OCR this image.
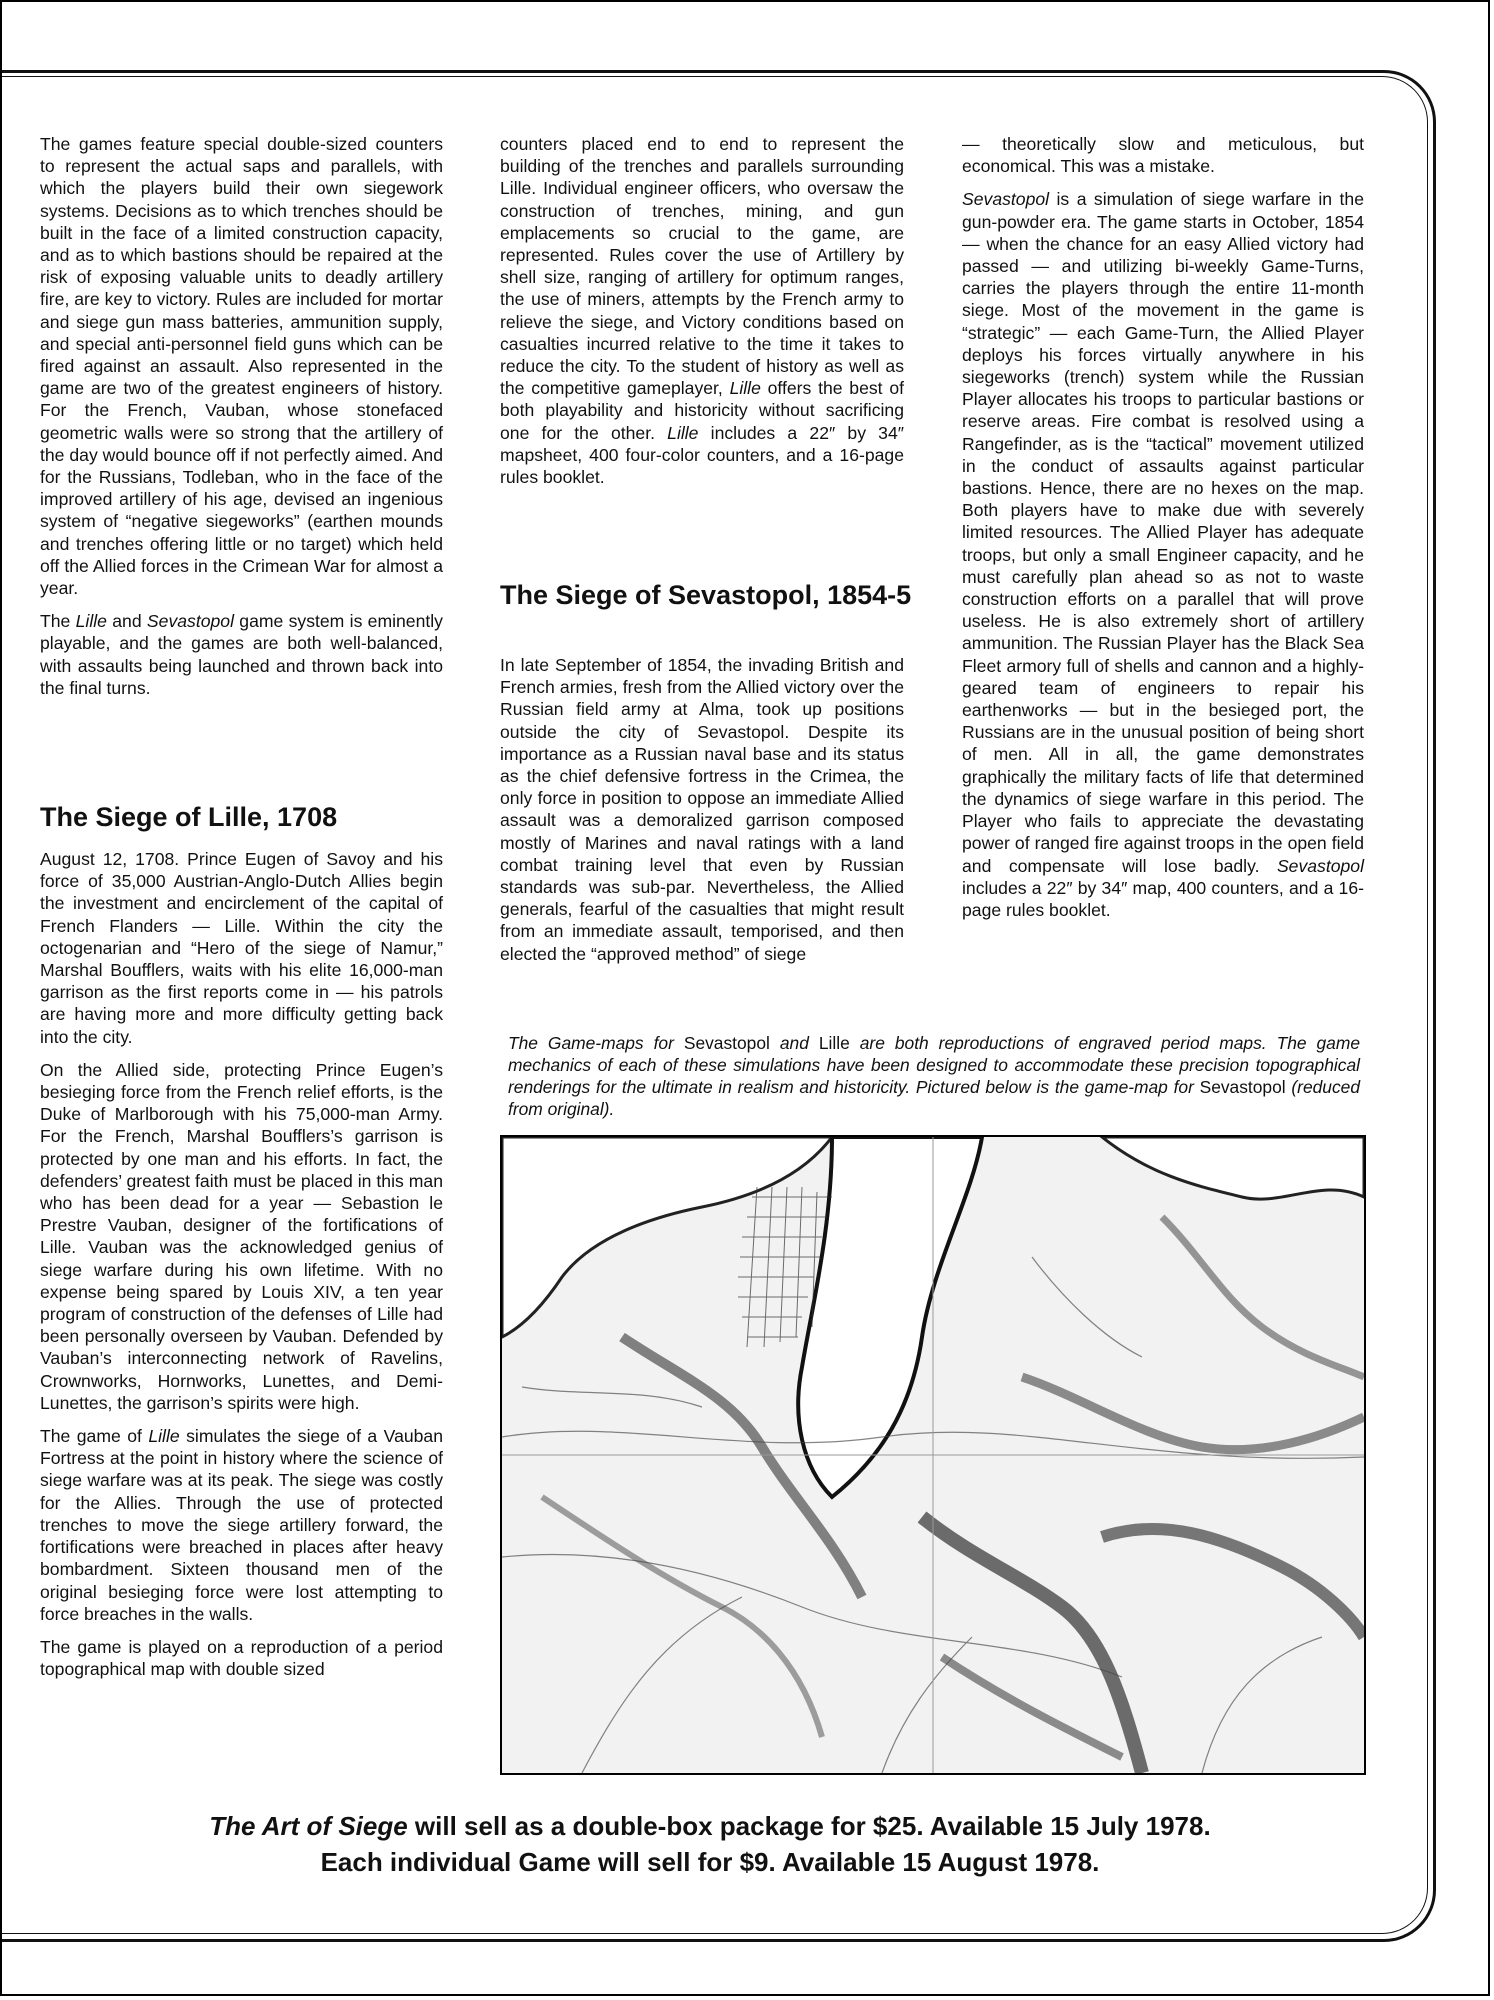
The games feature special double-sized counters to represent the actual saps and parallels, with which the players build their own siegework systems. Decisions as to which trenches should be built in the face of a limited construction capacity, and as to which bastions should be repaired at the risk of exposing valuable units to deadly artillery fire, are key to victory. Rules are included for mortar and siege gun mass batteries, ammunition supply, and special anti-personnel field guns which can be fired against an assault. Also represented in the game are two of the greatest engineers of history. For the French, Vauban, whose stonefaced geometric walls were so strong that the artillery of the day would bounce off if not perfectly aimed. And for the Russians, Todleban, who in the face of the improved artillery of his age, devised an ingenious system of “negative siegeworks” (earthen mounds and trenches offering little or no target) which held off the Allied forces in the Crimean War for almost a year.

The Lille and Sevastopol game system is eminently playable, and the games are both well-balanced, with assaults being launched and thrown back into the final turns.

The Siege of Lille, 1708

August 12, 1708. Prince Eugen of Savoy and his force of 35,000 Austrian-Anglo-Dutch Allies begin the investment and encirclement of the capital of French Flanders — Lille. Within the city the octogenarian and “Hero of the siege of Namur,” Marshal Boufflers, waits with his elite 16,000-man garrison as the first reports come in — his patrols are having more and more difficulty getting back into the city.

On the Allied side, protecting Prince Eugen’s besieging force from the French relief efforts, is the Duke of Marlborough with his 75,000-man Army. For the French, Marshal Boufflers’s garrison is protected by one man and his efforts. In fact, the defenders’ greatest faith must be placed in this man who has been dead for a year — Sebastion le Prestre Vauban, designer of the fortifications of Lille. Vauban was the acknowledged genius of siege warfare during his own lifetime. With no expense being spared by Louis XIV, a ten year program of construction of the defenses of Lille had been personally overseen by Vauban. Defended by Vauban’s interconnecting network of Ravelins, Crownworks, Hornworks, Lunettes, and Demi-Lunettes, the garrison’s spirits were high.

The game of Lille simulates the siege of a Vauban Fortress at the point in history where the science of siege warfare was at its peak. The siege was costly for the Allies. Through the use of protected trenches to move the siege artillery forward, the fortifications were breached in places after heavy bombardment. Sixteen thousand men of the original besieging force were lost attempting to force breaches in the walls.

The game is played on a reproduction of a period topographical map with double sized

counters placed end to end to represent the building of the trenches and parallels surrounding Lille. Individual engineer officers, who oversaw the construction of trenches, mining, and gun emplacements so crucial to the game, are represented. Rules cover the use of Artillery by shell size, ranging of artillery for optimum ranges, the use of miners, attempts by the French army to relieve the siege, and Victory conditions based on casualties incurred relative to the time it takes to reduce the city. To the student of history as well as the competitive gameplayer, Lille offers the best of both playability and historicity without sacrificing one for the other. Lille includes a 22″ by 34″ mapsheet, 400 four-color counters, and a 16-page rules booklet.

The Siege of Sevastopol, 1854-5

In late September of 1854, the invading British and French armies, fresh from the Allied victory over the Russian field army at Alma, took up positions outside the city of Sevastopol. Despite its importance as a Russian naval base and its status as the chief defensive fortress in the Crimea, the only force in position to oppose an immediate Allied assault was a demoralized garrison composed mostly of Marines and naval ratings with a land combat training level that even by Russian standards was sub-par. Nevertheless, the Allied generals, fearful of the casualties that might result from an immediate assault, temporised, and then elected the “approved method” of siege

— theoretically slow and meticulous, but economical. This was a mistake.

Sevastopol is a simulation of siege warfare in the gun-powder era. The game starts in October, 1854 — when the chance for an easy Allied victory had passed — and utilizing bi-weekly Game-Turns, carries the players through the entire 11-month siege. Most of the movement in the game is “strategic” — each Game-Turn, the Allied Player deploys his forces virtually anywhere in his siegeworks (trench) system while the Russian Player allocates his troops to particular bastions or reserve areas. Fire combat is resolved using a Rangefinder, as is the “tactical” movement utilized in the conduct of assaults against particular bastions. Hence, there are no hexes on the map. Both players have to make due with severely limited resources. The Allied Player has adequate troops, but only a small Engineer capacity, and he must carefully plan ahead so as not to waste construction efforts on a parallel that will prove useless. He is also extremely short of artillery ammunition. The Russian Player has the Black Sea Fleet armory full of shells and cannon and a highly-geared team of engineers to repair his earthenworks — but in the besieged port, the Russians are in the unusual position of being short of men. All in all, the game demonstrates graphically the military facts of life that determined the dynamics of siege warfare in this period. The Player who fails to appreciate the devastating power of ranged fire against troops in the open field and compensate will lose badly. Sevastopol includes a 22″ by 34″ map, 400 counters, and a 16-page rules booklet.

The Game-maps for Sevastopol and Lille are both reproductions of engraved period maps. The game mechanics of each of these simulations have been designed to accommodate these precision topographical renderings for the ultimate in realism and historicity. Pictured below is the game-map for Sevastopol (reduced from original).
The Art of Siege will sell as a double-box package for $25. Available 15 July 1978.
Each individual Game will sell for $9. Available 15 August 1978.
